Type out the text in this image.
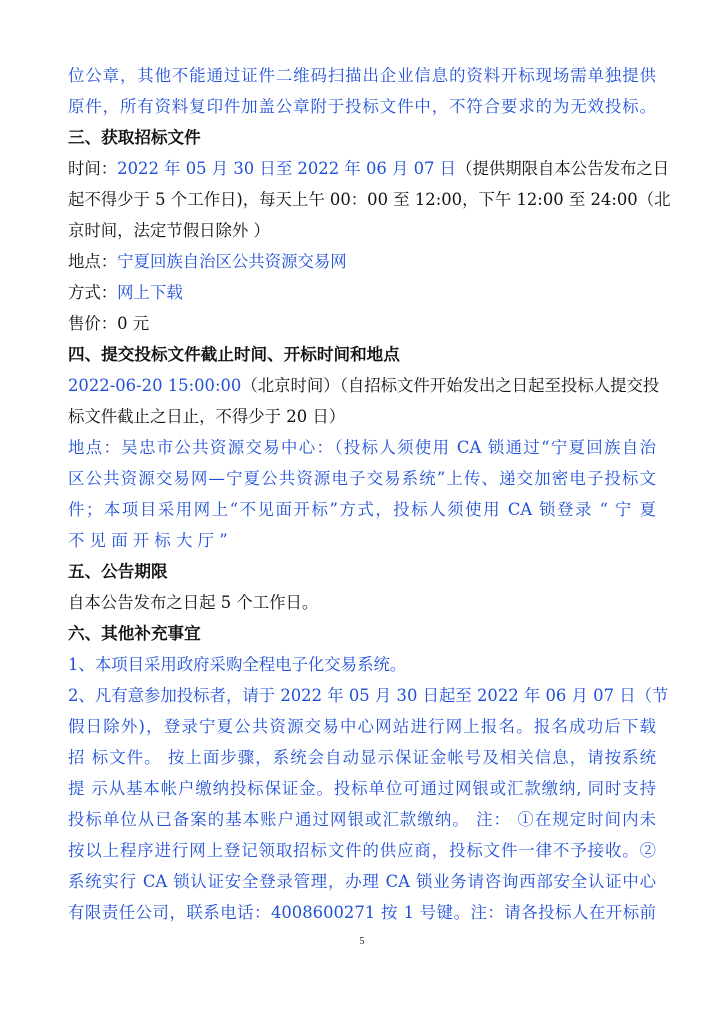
位公章，其他不能通过证件二维码扫描出企业信息的资料开标现场需单独提供
原件，所有资料复印件加盖公章附于投标文件中，不符合要求的为无效投标。
三、获取招标文件
时间：2022 年 05 月 30 日至 2022 年 06 月 07 日（提供期限自本公告发布之日
起不得少于 5 个工作日)，每天上午 00：00 至 12:00，下午 12:00 至 24:00（北
京时间，法定节假日除外 ）
地点：宁夏回族自治区公共资源交易网
方式：网上下载
售价：0 元
四、提交投标文件截止时间、开标时间和地点
2022-06-20 15:00:00（北京时间）（自招标文件开始发出之日起至投标人提交投
标文件截止之日止，不得少于 20 日）
地点：吴忠市公共资源交易中心：（投标人须使用 CA 锁通过“宁夏回族自治
区公共资源交易网—宁夏公共资源电子交易系统”上传、递交加密电子投标文
件；本项目采用网上“不见面开标”方式，投标人须使用 CA 锁登录 “ 宁 夏
不 见 面 开 标 大 厅 ”
五、公告期限
自本公告发布之日起 5 个工作日。
六、其他补充事宜
1、本项目采用政府采购全程电子化交易系统。
2、凡有意参加投标者，请于 2022 年 05 月 30 日起至 2022 年 06 月 07 日（节
假日除外)，登录宁夏公共资源交易中心网站进行网上报名。报名成功后下载
招 标文件。 按上面步骤，系统会自动显示保证金帐号及相关信息，请按系统
提 示从基本帐户缴纳投标保证金。投标单位可通过网银或汇款缴纳, 同时支持
投标单位从已备案的基本账户通过网银或汇款缴纳。 注： ①在规定时间内未
按以上程序进行网上登记领取招标文件的供应商，投标文件一律不予接收。②
系统实行 CA 锁认证安全登录管理，办理 CA 锁业务请咨询西部安全认证中心
有限责任公司，联系电话：4008600271 按 1 号键。注：请各投标人在开标前
5
